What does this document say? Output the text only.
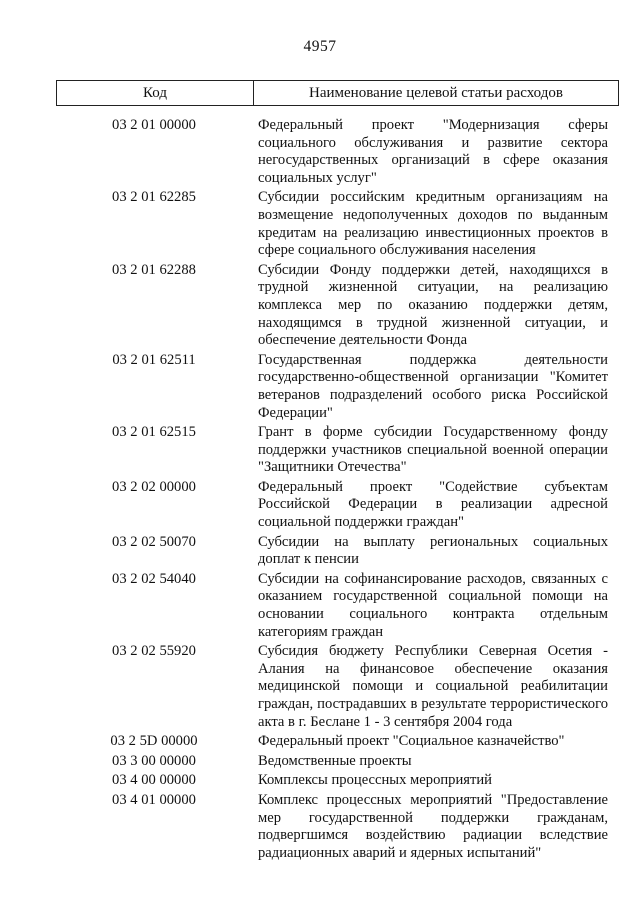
4957
Код	Наименование целевой статьи расходов
03 2 01 00000	Федеральный проект "Модернизация сферы социального обслуживания и развитие сектора негосударственных организаций в сфере оказания социальных услуг"
03 2 01 62285	Субсидии российским кредитным организациям на возмещение недополученных доходов по выданным кредитам на реализацию инвестиционных проектов в сфере социального обслуживания населения
03 2 01 62288	Субсидии Фонду поддержки детей, находящихся в трудной жизненной ситуации, на реализацию комплекса мер по оказанию поддержки детям, находящимся в трудной жизненной ситуации, и обеспечение деятельности Фонда
03 2 01 62511	Государственная поддержка деятельности государственно-общественной организации "Комитет ветеранов подразделений особого риска Российской Федерации"
03 2 01 62515	Грант в форме субсидии Государственному фонду поддержки участников специальной военной операции "Защитники Отечества"
03 2 02 00000	Федеральный проект "Содействие субъектам Российской Федерации в реализации адресной социальной поддержки граждан"
03 2 02 50070	Субсидии на выплату региональных социальных доплат к пенсии
03 2 02 54040	Субсидии на софинансирование расходов, связанных с оказанием государственной социальной помощи на основании социального контракта отдельным категориям граждан
03 2 02 55920	Субсидия бюджету Республики Северная Осетия - Алания на финансовое обеспечение оказания медицинской помощи и социальной реабилитации граждан, пострадавших в результате террористического акта в г. Беслане 1 - 3 сентября 2004 года
03 2 5D 00000	Федеральный проект "Социальное казначейство"
03 3 00 00000	Ведомственные проекты
03 4 00 00000	Комплексы процессных мероприятий
03 4 01 00000	Комплекс процессных мероприятий "Предоставление мер государственной поддержки гражданам, подвергшимся воздействию радиации вследствие радиационных аварий и ядерных испытаний"
